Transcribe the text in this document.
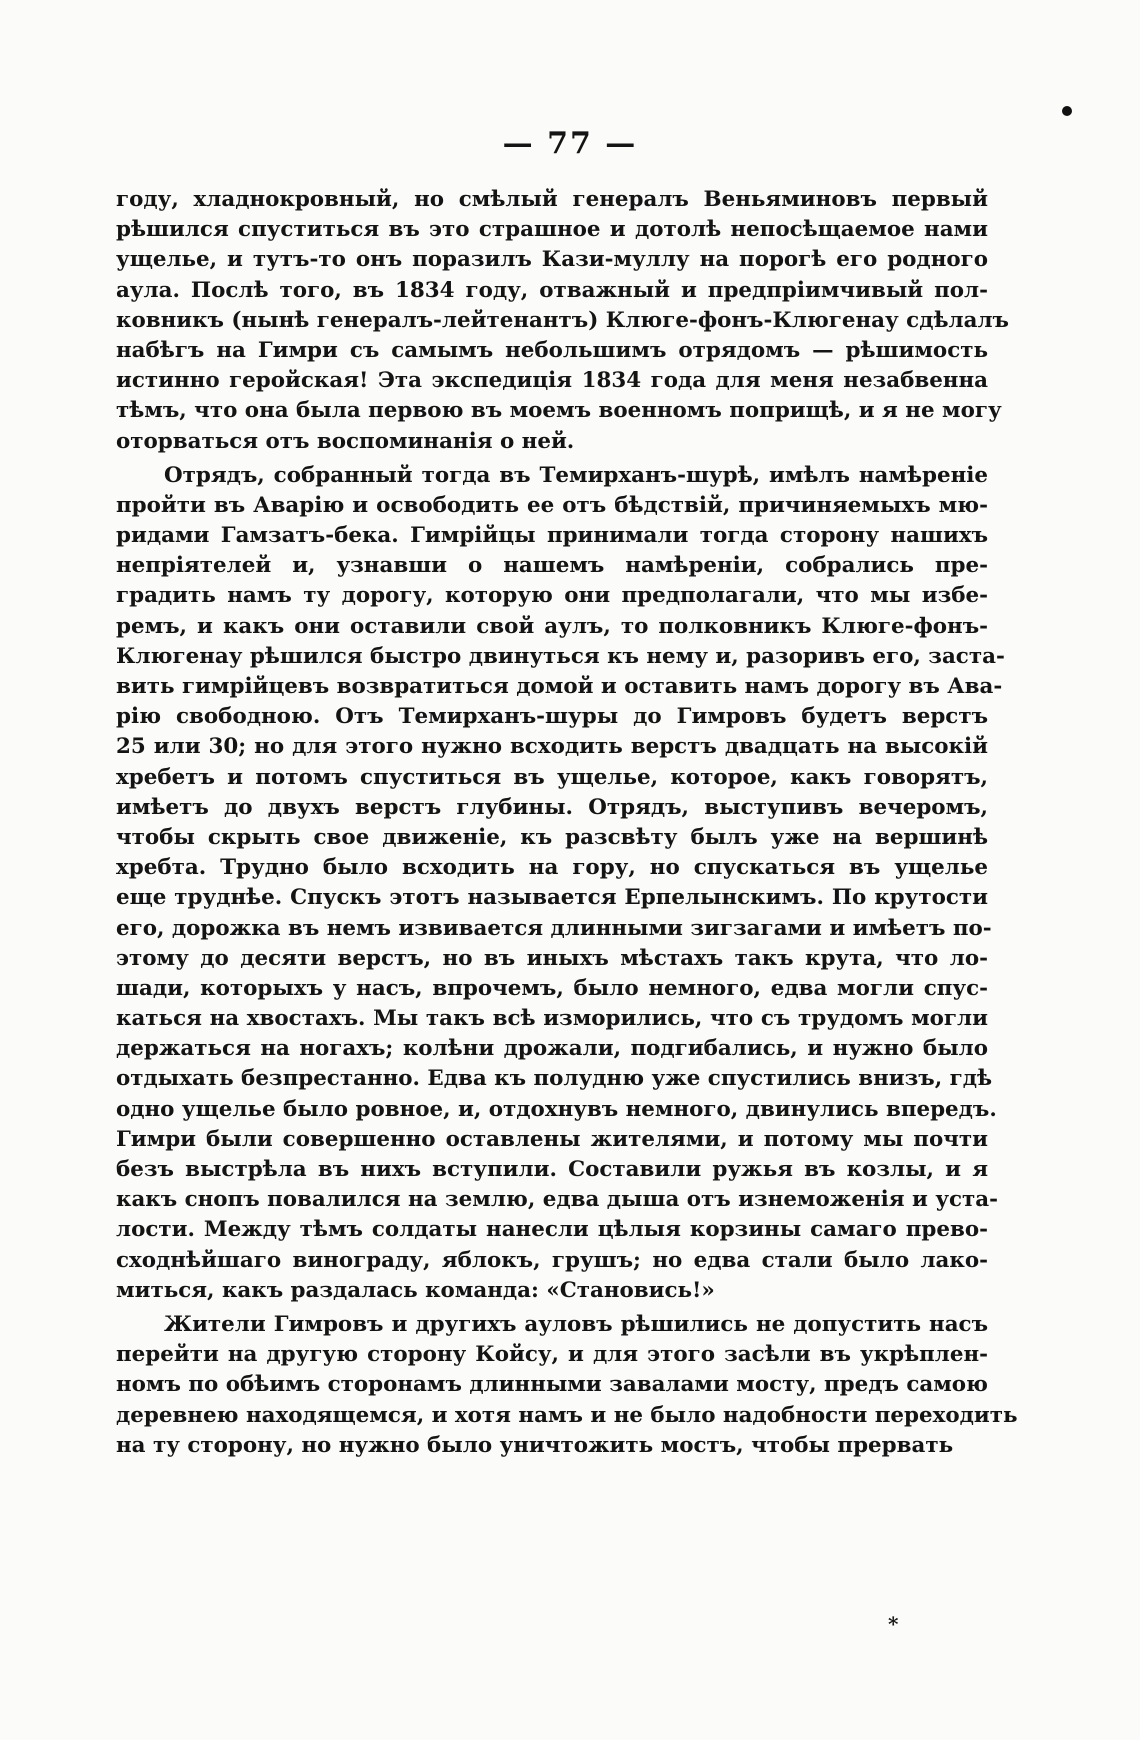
— 77 —
году, хладнокровный, но смѣлый генералъ Веньяминовъ первый
рѣшился спуститься въ это страшное и дотолѣ непосѣщаемое нами
ущелье, и тутъ-то онъ поразилъ Кази-муллу на порогѣ его родного
аула. Послѣ того, въ 1834 году, отважный и предпріимчивый пол-
ковникъ (нынѣ генералъ-лейтенантъ) Клюге-фонъ-Клюгенау сдѣлалъ
набѣгъ на Гимри съ самымъ небольшимъ отрядомъ — рѣшимость
истинно геройская! Эта экспедиція 1834 года для меня незабвенна
тѣмъ, что она была первою въ моемъ военномъ поприщѣ, и я не могу
оторваться отъ воспоминанія о ней.
Отрядъ, собранный тогда въ Темирханъ-шурѣ, имѣлъ намѣреніе
пройти въ Аварію и освободить ее отъ бѣдствій, причиняемыхъ мю-
ридами Гамзатъ-бека. Гимрійцы принимали тогда сторону нашихъ
непріятелей и, узнавши о нашемъ намѣреніи, собрались пре-
градить намъ ту дорогу, которую они предполагали, что мы избе-
ремъ, и какъ они оставили свой аулъ, то полковникъ Клюге-фонъ-
Клюгенау рѣшился быстро двинуться къ нему и, разоривъ его, заста-
вить гимрійцевъ возвратиться домой и оставить намъ дорогу въ Ава-
рію свободною. Отъ Темирханъ-шуры до Гимровъ будетъ верстъ
25 или 30; но для этого нужно всходить верстъ двадцать на высокій
хребетъ и потомъ спуститься въ ущелье, которое, какъ говорятъ,
имѣетъ до двухъ верстъ глубины. Отрядъ, выступивъ вечеромъ,
чтобы скрыть свое движеніе, къ разсвѣту былъ уже на вершинѣ
хребта. Трудно было всходить на гору, но спускаться въ ущелье
еще труднѣе. Спускъ этотъ называется Ерпелынскимъ. По крутости
его, дорожка въ немъ извивается длинными зигзагами и имѣетъ по-
этому до десяти верстъ, но въ иныхъ мѣстахъ такъ крута, что ло-
шади, которыхъ у насъ, впрочемъ, было немного, едва могли спус-
каться на хвостахъ. Мы такъ всѣ изморились, что съ трудомъ могли
держаться на ногахъ; колѣни дрожали, подгибались, и нужно было
отдыхать безпрестанно. Едва къ полудню уже спустились внизъ, гдѣ
одно ущелье было ровное, и, отдохнувъ немного, двинулись впередъ.
Гимри были совершенно оставлены жителями, и потому мы почти
безъ выстрѣла въ нихъ вступили. Составили ружья въ козлы, и я
какъ снопъ повалился на землю, едва дыша отъ изнеможенія и уста-
лости. Между тѣмъ солдаты нанесли цѣлыя корзины самаго прево-
сходнѣйшаго винограду, яблокъ, грушъ; но едва стали было лако-
миться, какъ раздалась команда: «Становись!»
Жители Гимровъ и другихъ ауловъ рѣшились не допустить насъ
перейти на другую сторону Койсу, и для этого засѣли въ укрѣплен-
номъ по обѣимъ сторонамъ длинными завалами мосту, предъ самою
деревнею находящемся, и хотя намъ и не было надобности переходить
на ту сторону, но нужно было уничтожить мостъ, чтобы прервать
*
